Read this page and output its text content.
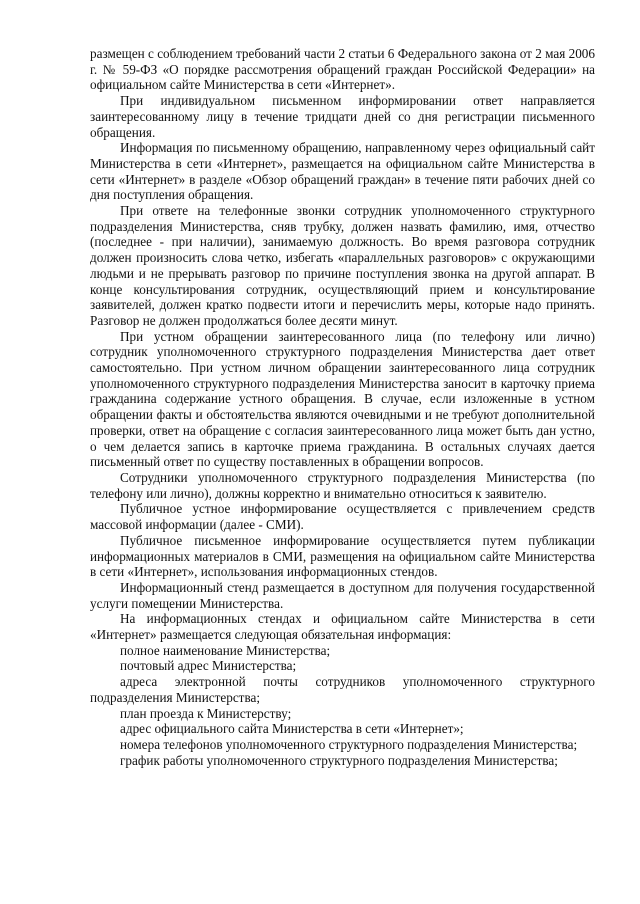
размещен с соблюдением требований части 2 статьи 6 Федерального закона от 2 мая 2006 г. № 59-ФЗ «О порядке рассмотрения обращений граждан Российской Федерации» на официальном сайте Министерства в сети «Интернет».

При индивидуальном письменном информировании ответ направляется заинтересованному лицу в течение тридцати дней со дня регистрации письменного обращения.

Информация по письменному обращению, направленному через официальный сайт Министерства в сети «Интернет», размещается на официальном сайте Министерства в сети «Интернет» в разделе «Обзор обращений граждан» в течение пяти рабочих дней со дня поступления обращения.

При ответе на телефонные звонки сотрудник уполномоченного структурного подразделения Министерства, сняв трубку, должен назвать фамилию, имя, отчество (последнее - при наличии), занимаемую должность. Во время разговора сотрудник должен произносить слова четко, избегать «параллельных разговоров» с окружающими людьми и не прерывать разговор по причине поступления звонка на другой аппарат. В конце консультирования сотрудник, осуществляющий прием и консультирование заявителей, должен кратко подвести итоги и перечислить меры, которые надо принять. Разговор не должен продолжаться более десяти минут.

При устном обращении заинтересованного лица (по телефону или лично) сотрудник уполномоченного структурного подразделения Министерства дает ответ самостоятельно. При устном личном обращении заинтересованного лица сотрудник уполномоченного структурного подразделения Министерства заносит в карточку приема гражданина содержание устного обращения. В случае, если изложенные в устном обращении факты и обстоятельства являются очевидными и не требуют дополнительной проверки, ответ на обращение с согласия заинтересованного лица может быть дан устно, о чем делается запись в карточке приема гражданина. В остальных случаях дается письменный ответ по существу поставленных в обращении вопросов.

Сотрудники уполномоченного структурного подразделения Министерства (по телефону или лично), должны корректно и внимательно относиться к заявителю.

Публичное устное информирование осуществляется с привлечением средств массовой информации (далее - СМИ).

Публичное письменное информирование осуществляется путем публикации информационных материалов в СМИ, размещения на официальном сайте Министерства в сети «Интернет», использования информационных стендов.

Информационный стенд размещается в доступном для получения государственной услуги помещении Министерства.

На информационных стендах и официальном сайте Министерства в сети «Интернет» размещается следующая обязательная информация:

полное наименование Министерства;

почтовый адрес Министерства;

адреса электронной почты сотрудников уполномоченного структурного подразделения Министерства;

план проезда к Министерству;

адрес официального сайта Министерства в сети «Интернет»;

номера телефонов уполномоченного структурного подразделения Министерства;

график работы уполномоченного структурного подразделения Министерства;
